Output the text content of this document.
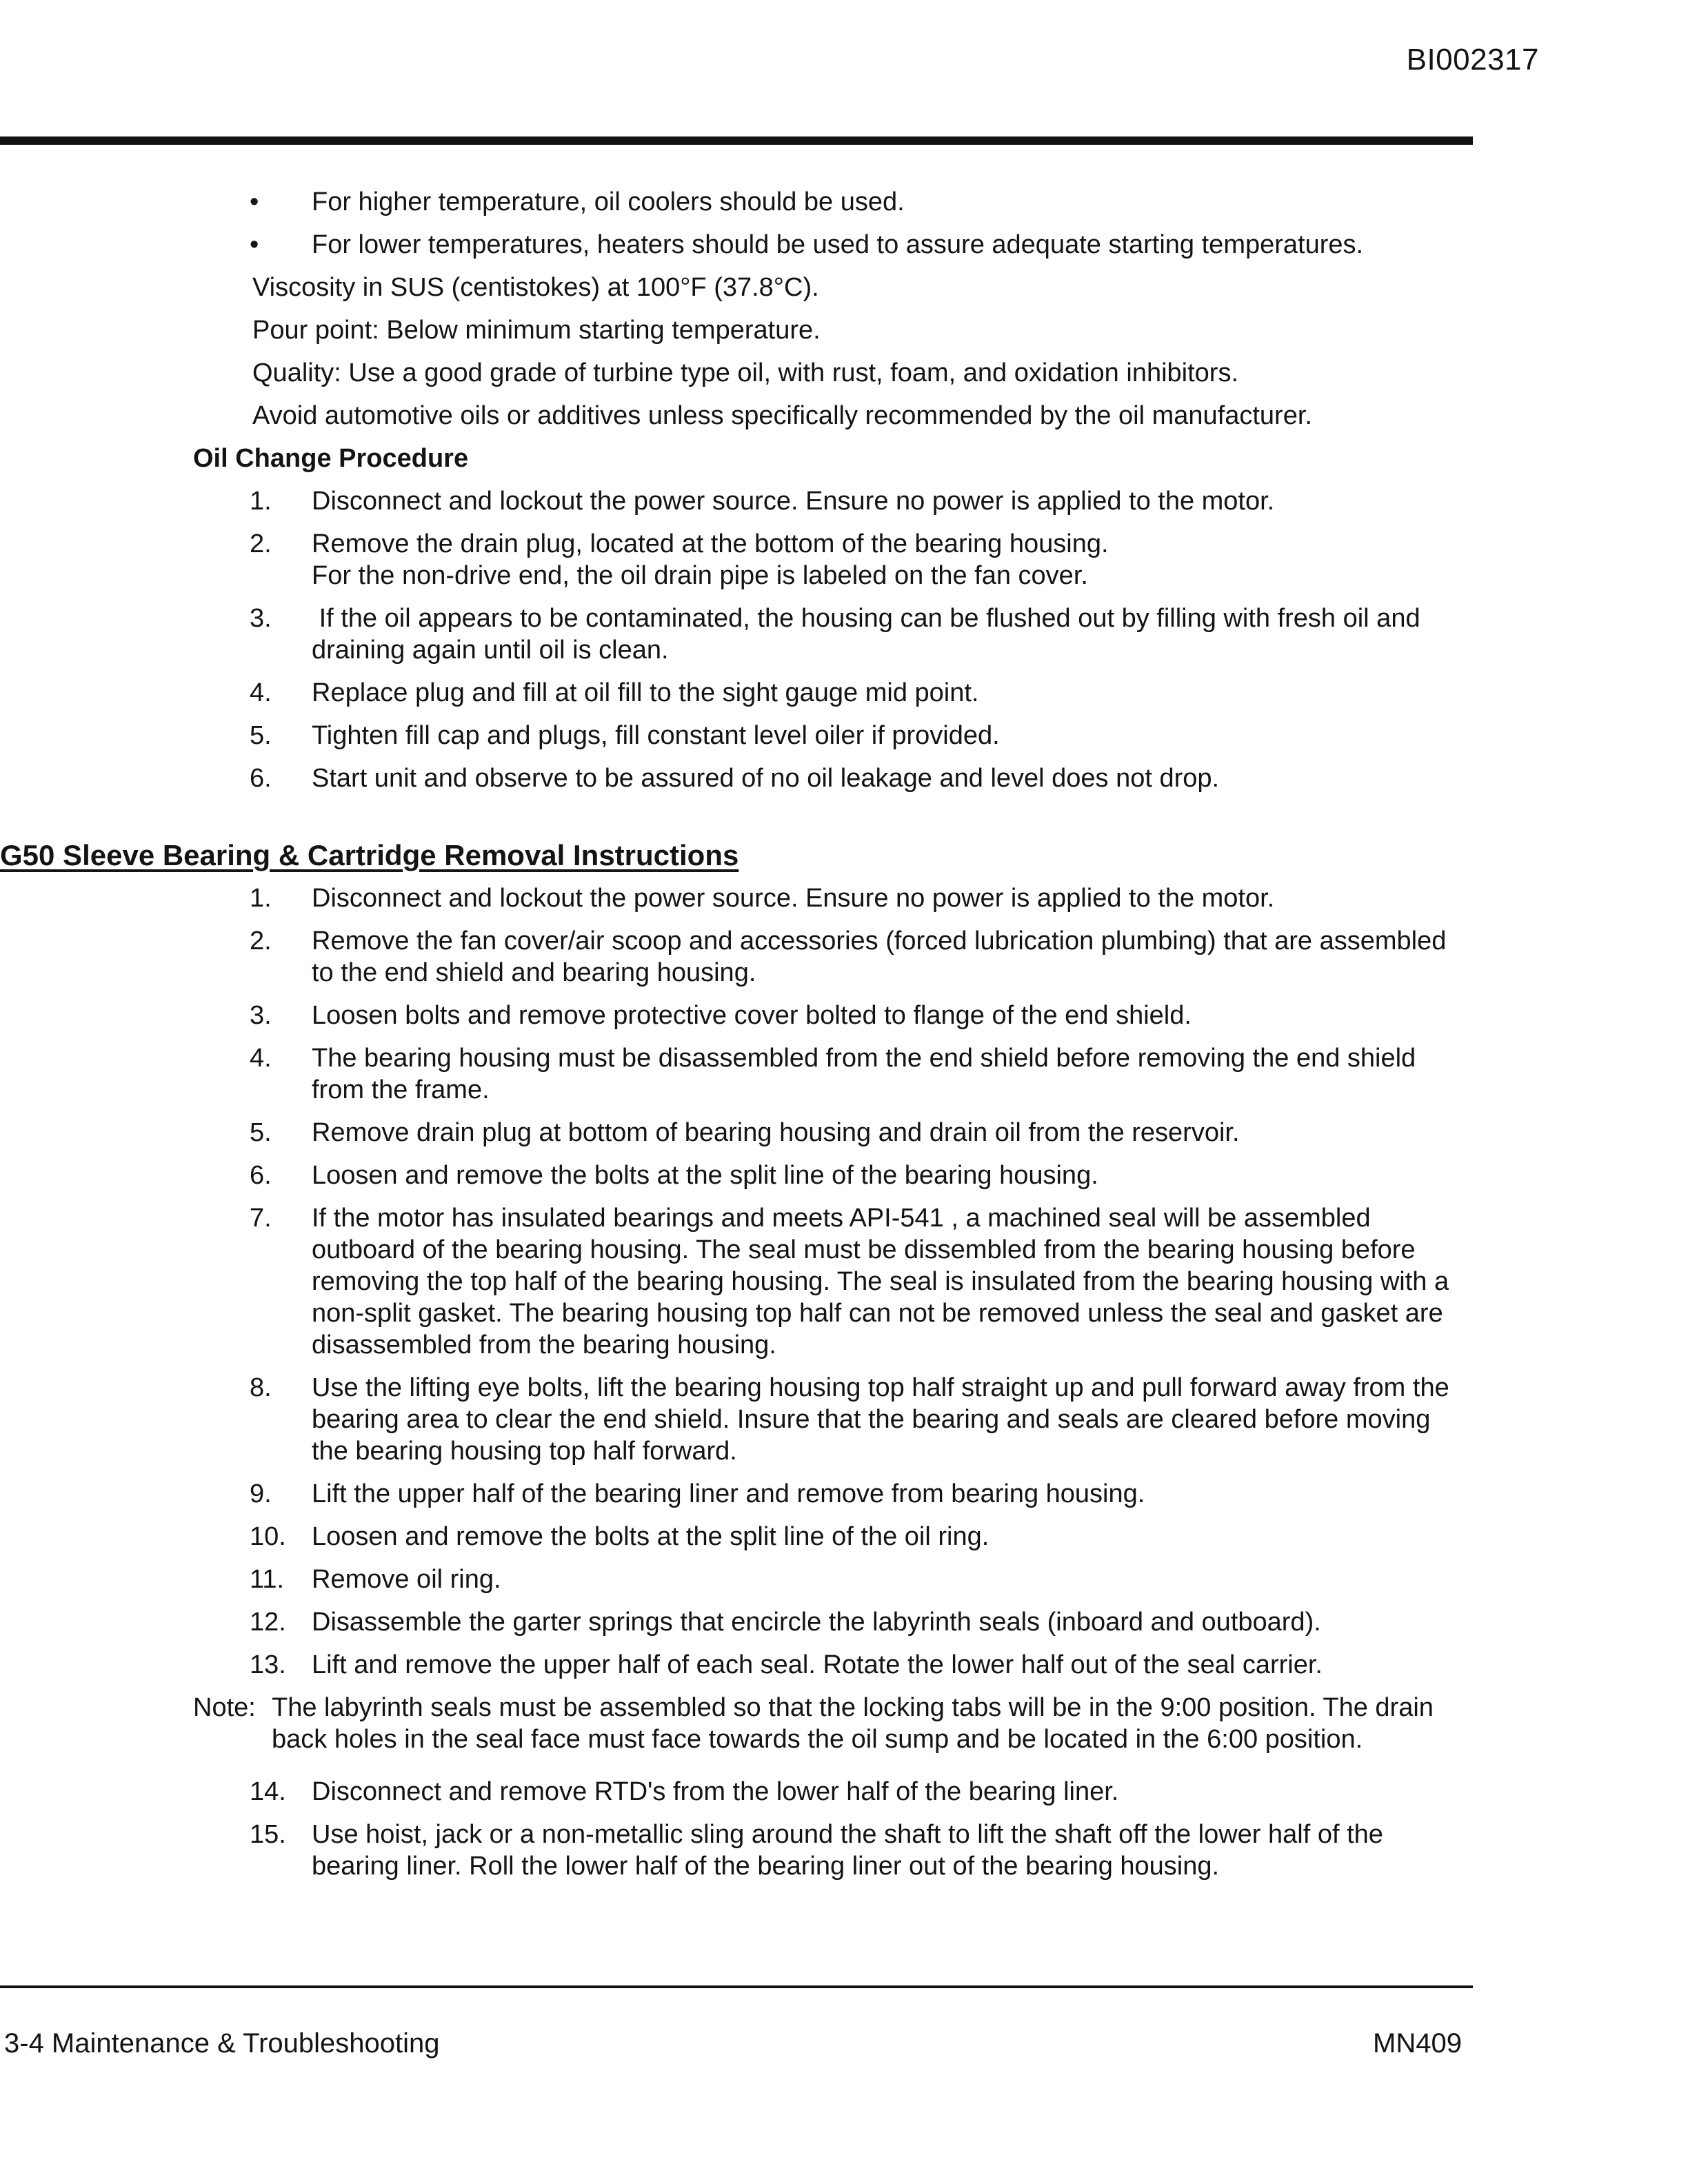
BI002317
• For higher temperature, oil coolers should be used.
• For lower temperatures, heaters should be used to assure adequate starting temperatures.
Viscosity in SUS (centistokes) at 100°F (37.8°C).
Pour point: Below minimum starting temperature.
Quality: Use a good grade of turbine type oil, with rust, foam, and oxidation inhibitors.
Avoid automotive oils or additives unless specifically recommended by the oil manufacturer.
Oil Change Procedure
1. Disconnect and lockout the power source. Ensure no power is applied to the motor.
2. Remove the drain plug, located at the bottom of the bearing housing.
For the non-drive end, the oil drain pipe is labeled on the fan cover.
3. If the oil appears to be contaminated, the housing can be flushed out by filling with fresh oil and draining again until oil is clean.
4. Replace plug and fill at oil fill to the sight gauge mid point.
5. Tighten fill cap and plugs, fill constant level oiler if provided.
6. Start unit and observe to be assured of no oil leakage and level does not drop.
G50 Sleeve Bearing & Cartridge Removal Instructions
1. Disconnect and lockout the power source. Ensure no power is applied to the motor.
2. Remove the fan cover/air scoop and accessories (forced lubrication plumbing) that are assembled to the end shield and bearing housing.
3. Loosen bolts and remove protective cover bolted to flange of the end shield.
4. The bearing housing must be disassembled from the end shield before removing the end shield from the frame.
5. Remove drain plug at bottom of bearing housing and drain oil from the reservoir.
6. Loosen and remove the bolts at the split line of the bearing housing.
7. If the motor has insulated bearings and meets API-541 , a machined seal will be assembled outboard of the bearing housing. The seal must be dissembled from the bearing housing before removing the top half of the bearing housing. The seal is insulated from the bearing housing with a non-split gasket. The bearing housing top half can not be removed unless the seal and gasket are disassembled from the bearing housing.
8. Use the lifting eye bolts, lift the bearing housing top half straight up and pull forward away from the bearing area to clear the end shield. Insure that the bearing and seals are cleared before moving the bearing housing top half forward.
9. Lift the upper half of the bearing liner and remove from bearing housing.
10. Loosen and remove the bolts at the split line of the oil ring.
11. Remove oil ring.
12. Disassemble the garter springs that encircle the labyrinth seals (inboard and outboard).
13. Lift and remove the upper half of each seal. Rotate the lower half out of the seal carrier.
Note: The labyrinth seals must be assembled so that the locking tabs will be in the 9:00 position. The drain back holes in the seal face must face towards the oil sump and be located in the 6:00 position.
14. Disconnect and remove RTD's from the lower half of the bearing liner.
15. Use hoist, jack or a non-metallic sling around the shaft to lift the shaft off the lower half of the bearing liner. Roll the lower half of the bearing liner out of the bearing housing.
3-4 Maintenance & Troubleshooting	MN409
